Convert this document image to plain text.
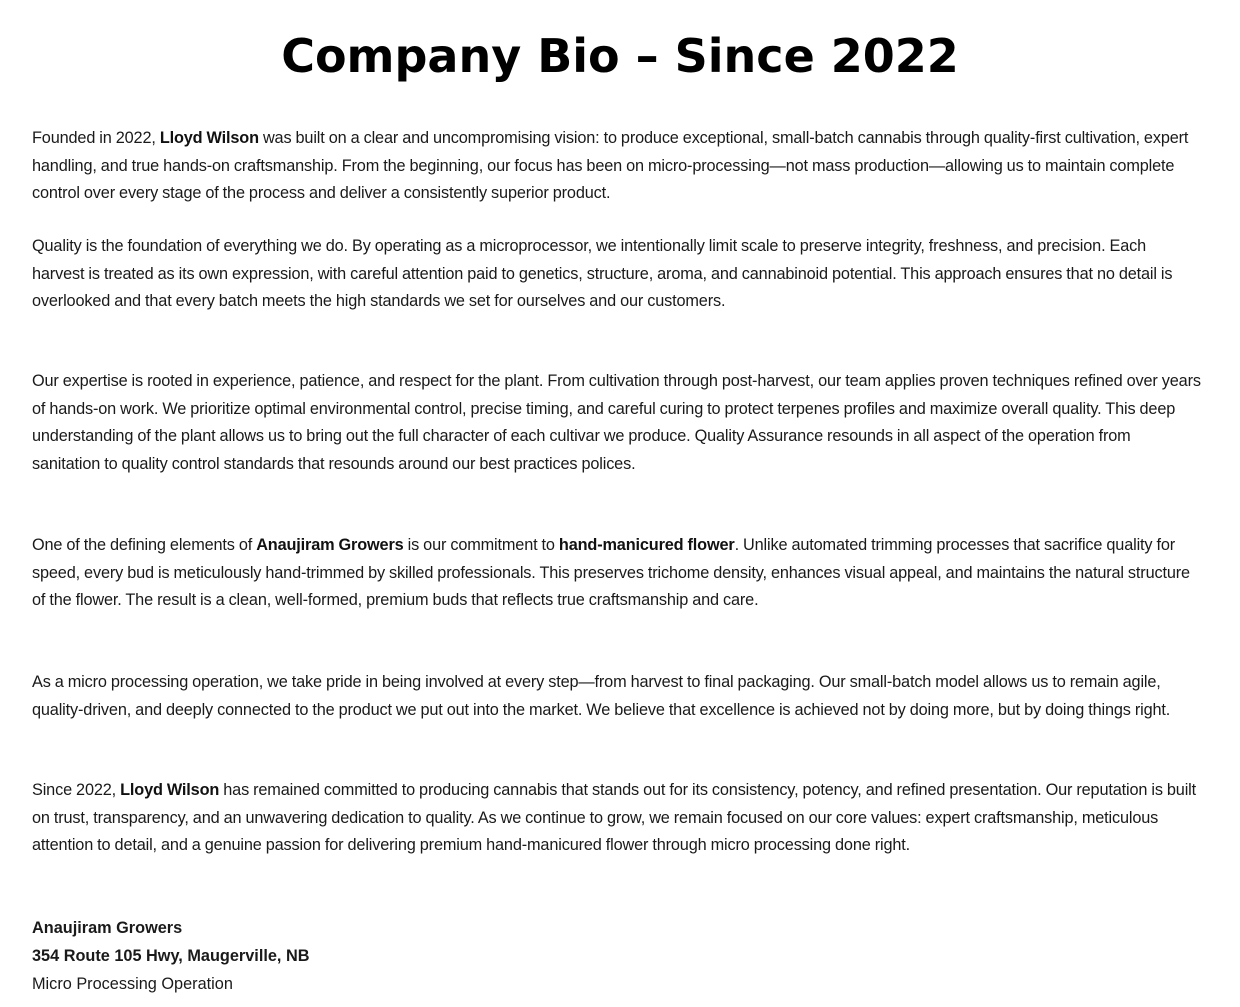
Company Bio – Since 2022

Founded in 2022, Lloyd Wilson was built on a clear and uncompromising vision: to produce exceptional, small-batch cannabis through quality-first cultivation, expert handling, and true hands-on craftsmanship. From the beginning, our focus has been on micro-processing—not mass production—allowing us to maintain complete control over every stage of the process and deliver a consistently superior product.

Quality is the foundation of everything we do. By operating as a microprocessor, we intentionally limit scale to preserve integrity, freshness, and precision. Each harvest is treated as its own expression, with careful attention paid to genetics, structure, aroma, and cannabinoid potential. This approach ensures that no detail is overlooked and that every batch meets the high standards we set for ourselves and our customers.

Our expertise is rooted in experience, patience, and respect for the plant. From cultivation through post-harvest, our team applies proven techniques refined over years of hands-on work. We prioritize optimal environmental control, precise timing, and careful curing to protect terpenes profiles and maximize overall quality. This deep understanding of the plant allows us to bring out the full character of each cultivar we produce. Quality Assurance resounds in all aspect of the operation from sanitation to quality control standards that resounds around our best practices polices.

One of the defining elements of Anaujiram Growers is our commitment to hand-manicured flower. Unlike automated trimming processes that sacrifice quality for speed, every bud is meticulously hand-trimmed by skilled professionals. This preserves trichome density, enhances visual appeal, and maintains the natural structure of the flower. The result is a clean, well-formed, premium buds that reflects true craftsmanship and care.

As a micro processing operation, we take pride in being involved at every step—from harvest to final packaging. Our small-batch model allows us to remain agile, quality-driven, and deeply connected to the product we put out into the market. We believe that excellence is achieved not by doing more, but by doing things right.

Since 2022, Lloyd Wilson has remained committed to producing cannabis that stands out for its consistency, potency, and refined presentation. Our reputation is built on trust, transparency, and an unwavering dedication to quality. As we continue to grow, we remain focused on our core values: expert craftsmanship, meticulous attention to detail, and a genuine passion for delivering premium hand-manicured flower through micro processing done right.

Anaujiram Growers
354 Route 105 Hwy, Maugerville, NB
Micro Processing Operation
